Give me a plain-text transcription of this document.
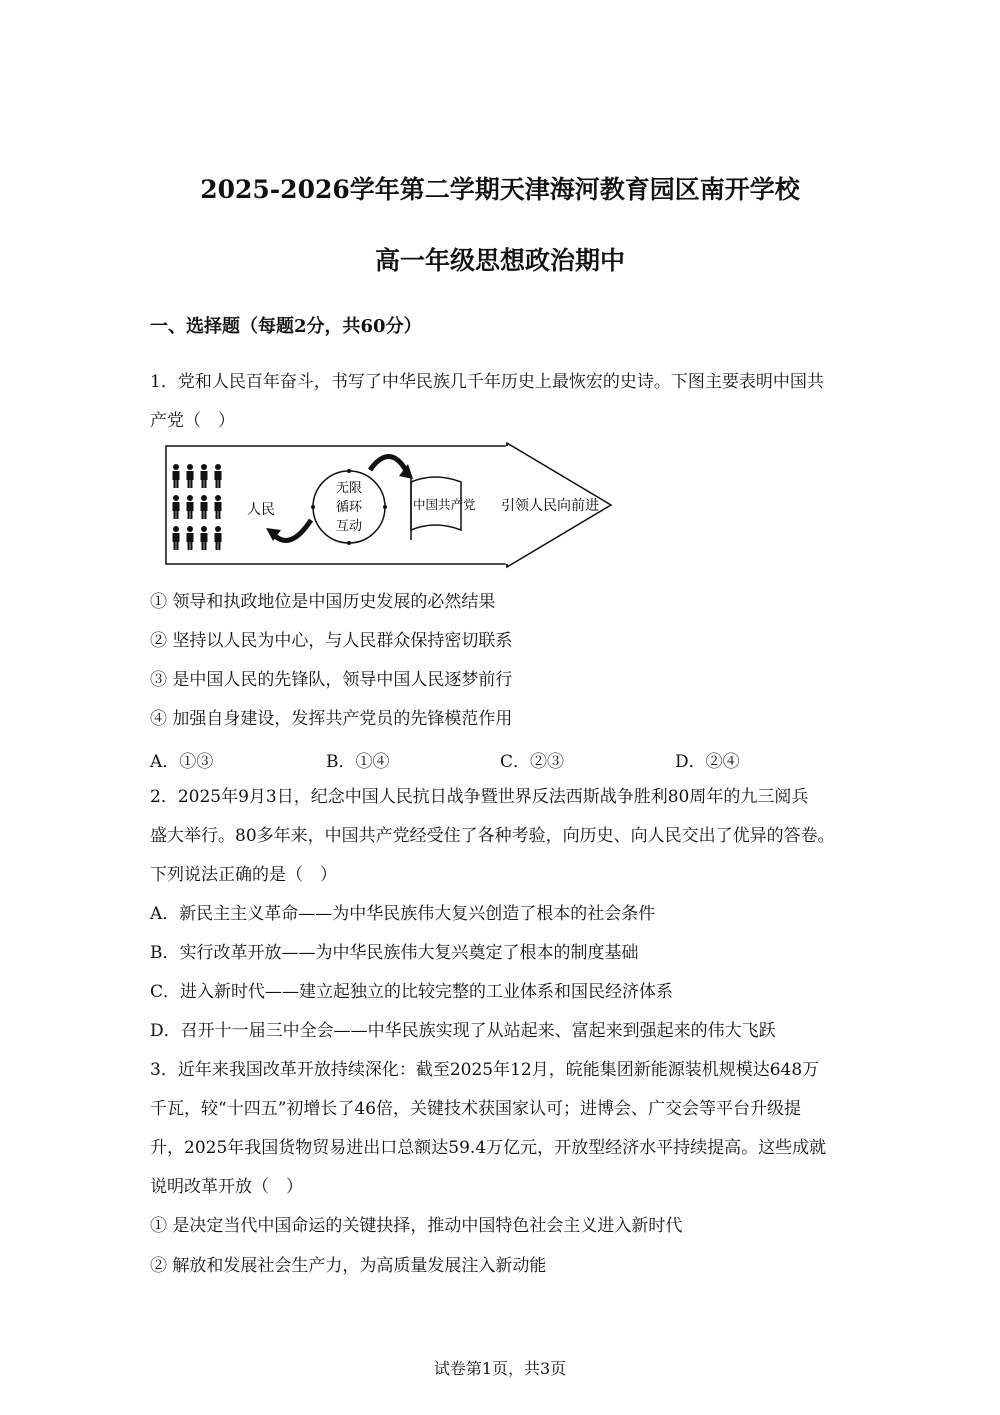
2025-2026学年第二学期天津海河教育园区南开学校
高一年级思想政治期中
一、选择题（每题2分，共60分）
1．党和人民百年奋斗，书写了中华民族几千年历史上最恢宏的史诗。下图主要表明中国共
产党（　）
人民
无限
循环
互动
中国共产党 引领人民向前进
① 领导和执政地位是中国历史发展的必然结果
② 坚持以人民为中心，与人民群众保持密切联系
③ 是中国人民的先锋队，领导中国人民逐梦前行
④ 加强自身建设，发挥共产党员的先锋模范作用
A．①③	B．①④	C．②③	D．②④
2．2025年9月3日，纪念中国人民抗日战争暨世界反法西斯战争胜利80周年的九三阅兵
盛大举行。80多年来，中国共产党经受住了各种考验，向历史、向人民交出了优异的答卷。
下列说法正确的是（　）
A．新民主主义革命——为中华民族伟大复兴创造了根本的社会条件
B．实行改革开放——为中华民族伟大复兴奠定了根本的制度基础
C．进入新时代——建立起独立的比较完整的工业体系和国民经济体系
D．召开十一届三中全会——中华民族实现了从站起来、富起来到强起来的伟大飞跃
3．近年来我国改革开放持续深化：截至2025年12月，皖能集团新能源装机规模达648万
千瓦，较“十四五”初增长了46倍，关键技术获国家认可；进博会、广交会等平台升级提
升，2025年我国货物贸易进出口总额达59.4万亿元，开放型经济水平持续提高。这些成就
说明改革开放（　）
① 是决定当代中国命运的关键抉择，推动中国特色社会主义进入新时代
② 解放和发展社会生产力，为高质量发展注入新动能
试卷第1页，共3页
